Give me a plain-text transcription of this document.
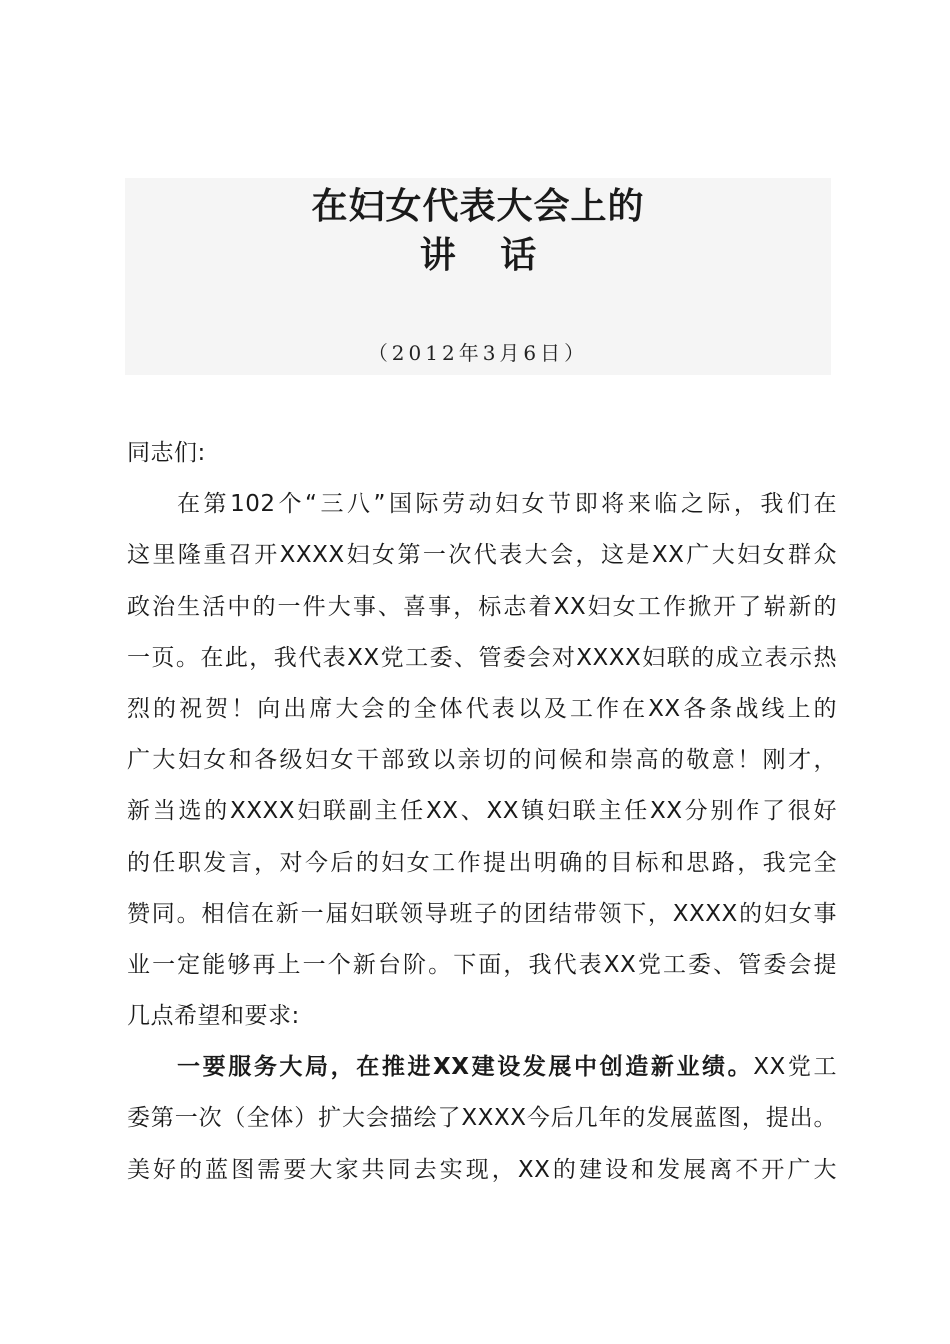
在妇女代表大会上的
讲 话
（2012年3月6日）
同志们:
在第102个“三八”国际劳动妇女节即将来临之际，我们在
这里隆重召开XXXX妇女第一次代表大会，这是XX广大妇女群众
政治生活中的一件大事、喜事，标志着XX妇女工作掀开了崭新的
一页。在此，我代表XX党工委、管委会对XXXX妇联的成立表示热
烈的祝贺！向出席大会的全体代表以及工作在XX各条战线上的
广大妇女和各级妇女干部致以亲切的问候和崇高的敬意！刚才，
新当选的XXXX妇联副主任XX、XX镇妇联主任XX分别作了很好
的任职发言，对今后的妇女工作提出明确的目标和思路，我完全
赞同。相信在新一届妇联领导班子的团结带领下，XXXX的妇女事
业一定能够再上一个新台阶。下面，我代表XX党工委、管委会提
几点希望和要求:
一要服务大局，在推进XX建设发展中创造新业绩。XX党工
委第一次（全体）扩大会描绘了XXXX今后几年的发展蓝图，提出。
美好的蓝图需要大家共同去实现，XX的建设和发展离不开广大
